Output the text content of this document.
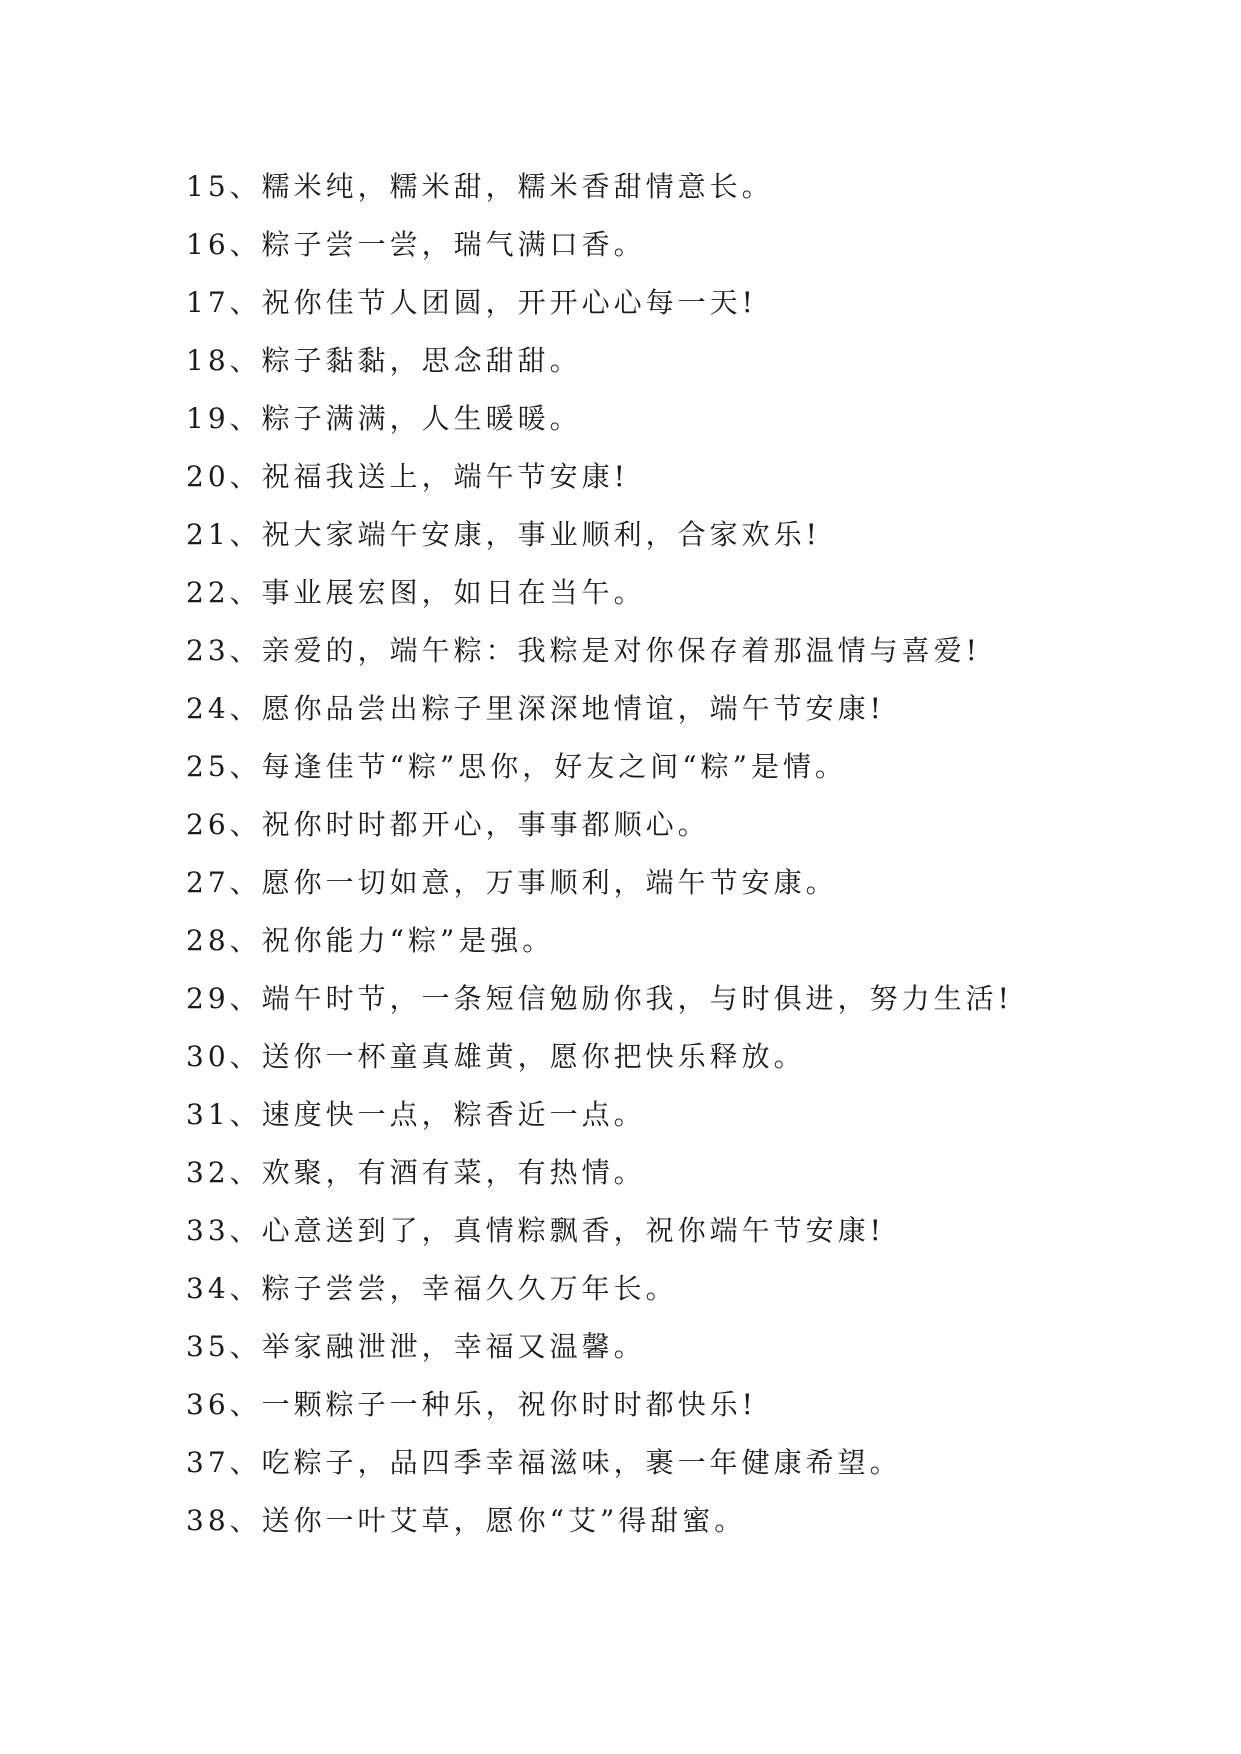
15、糯米纯，糯米甜，糯米香甜情意长。
16、粽子尝一尝，瑞气满口香。
17、祝你佳节人团圆，开开心心每一天!
18、粽子黏黏，思念甜甜。
19、粽子满满，人生暖暖。
20、祝福我送上，端午节安康!
21、祝大家端午安康，事业顺利，合家欢乐!
22、事业展宏图，如日在当午。
23、亲爱的，端午粽：我粽是对你保存着那温情与喜爱!
24、愿你品尝出粽子里深深地情谊，端午节安康!
25、每逢佳节“粽”思你，好友之间“粽”是情。
26、祝你时时都开心，事事都顺心。
27、愿你一切如意，万事顺利，端午节安康。
28、祝你能力“粽”是强。
29、端午时节，一条短信勉励你我，与时俱进，努力生活!
30、送你一杯童真雄黄，愿你把快乐释放。
31、速度快一点，粽香近一点。
32、欢聚，有酒有菜，有热情。
33、心意送到了，真情粽飘香，祝你端午节安康!
34、粽子尝尝，幸福久久万年长。
35、举家融泄泄，幸福又温馨。
36、一颗粽子一种乐，祝你时时都快乐!
37、吃粽子，品四季幸福滋味，裹一年健康希望。
38、送你一叶艾草，愿你“艾”得甜蜜。
